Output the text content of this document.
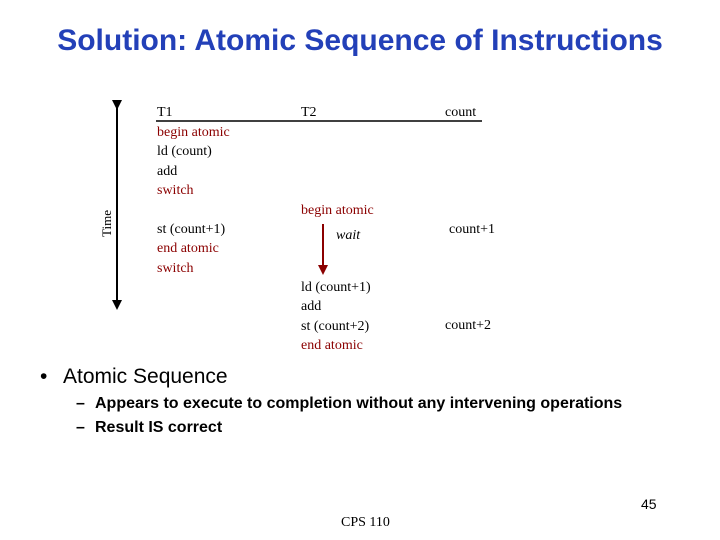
Solution: Atomic Sequence of Instructions
Time
T1	T2	count
begin atomic
ld (count)
add
switch
st (count+1)
end atomic
switch
begin atomic
wait
ld (count+1)
add
st (count+2)
end atomic
count+1
count+2
• Atomic Sequence
– Appears to execute to completion without any intervening operations
– Result IS correct
45
CPS 110
